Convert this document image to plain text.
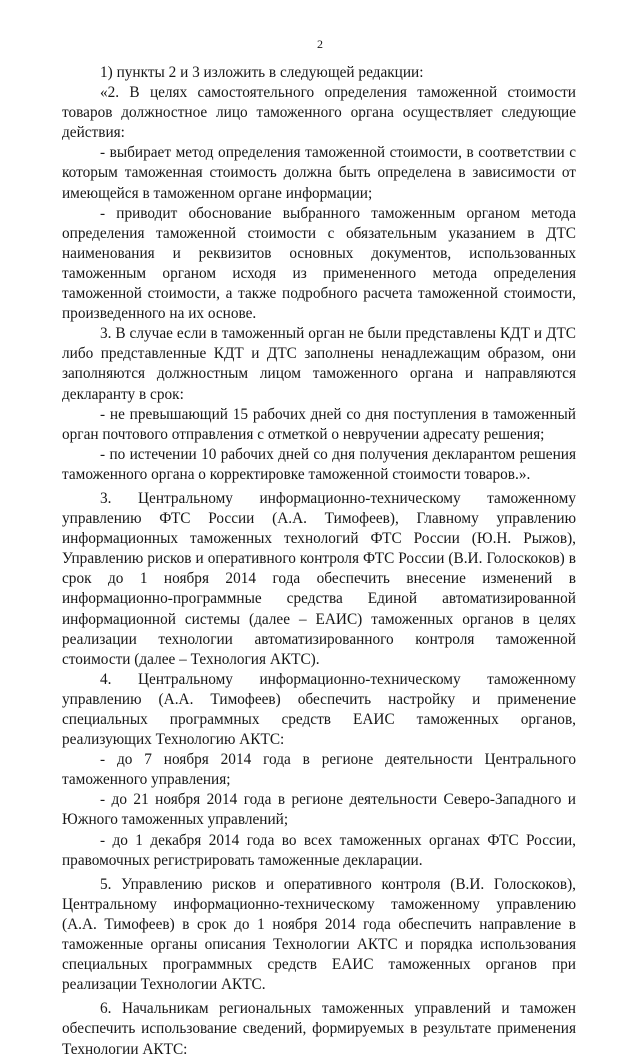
2

1) пункты 2 и 3 изложить в следующей редакции:

«2. В целях самостоятельного определения таможенной стоимости товаров должностное лицо таможенного органа осуществляет следующие действия:

- выбирает метод определения таможенной стоимости, в соответствии с которым таможенная стоимость должна быть определена в зависимости от имеющейся в таможенном органе информации;

- приводит обоснование выбранного таможенным органом метода определения таможенной стоимости с обязательным указанием в ДТС наименования и реквизитов основных документов, использованных таможенным органом исходя из примененного метода определения таможенной стоимости, а также подробного расчета таможенной стоимости, произведенного на их основе.

3. В случае если в таможенный орган не были представлены КДТ и ДТС либо представленные КДТ и ДТС заполнены ненадлежащим образом, они заполняются должностным лицом таможенного органа и направляются декларанту в срок:

- не превышающий 15 рабочих дней со дня поступления в таможенный орган почтового отправления с отметкой о невручении адресату решения;

- по истечении 10 рабочих дней со дня получения декларантом решения таможенного органа о корректировке таможенной стоимости товаров.».

3. Центральному информационно-техническому таможенному управлению ФТС России (А.А. Тимофеев), Главному управлению информационных таможенных технологий ФТС России (Ю.Н. Рыжов), Управлению рисков и оперативного контроля ФТС России (В.И. Голоскоков) в срок до 1 ноября 2014 года обеспечить внесение изменений в информационно-программные средства Единой автоматизированной информационной системы (далее – ЕАИС) таможенных органов в целях реализации технологии автоматизированного контроля таможенной стоимости (далее – Технология АКТС).

4. Центральному информационно-техническому таможенному управлению (А.А. Тимофеев) обеспечить настройку и применение специальных программных средств ЕАИС таможенных органов, реализующих Технологию АКТС:

- до 7 ноября 2014 года в регионе деятельности Центрального таможенного управления;

- до 21 ноября 2014 года в регионе деятельности Северо-Западного и Южного таможенных управлений;

- до 1 декабря 2014 года во всех таможенных органах ФТС России, правомочных регистрировать таможенные декларации.

5. Управлению рисков и оперативного контроля (В.И. Голоскоков), Центральному информационно-техническому таможенному управлению (А.А. Тимофеев) в срок до 1 ноября 2014 года обеспечить направление в таможенные органы описания Технологии АКТС и порядка использования специальных программных средств ЕАИС таможенных органов при реализации Технологии АКТС.

6. Начальникам региональных таможенных управлений и таможен обеспечить использование сведений, формируемых в результате применения Технологии АКТС:
